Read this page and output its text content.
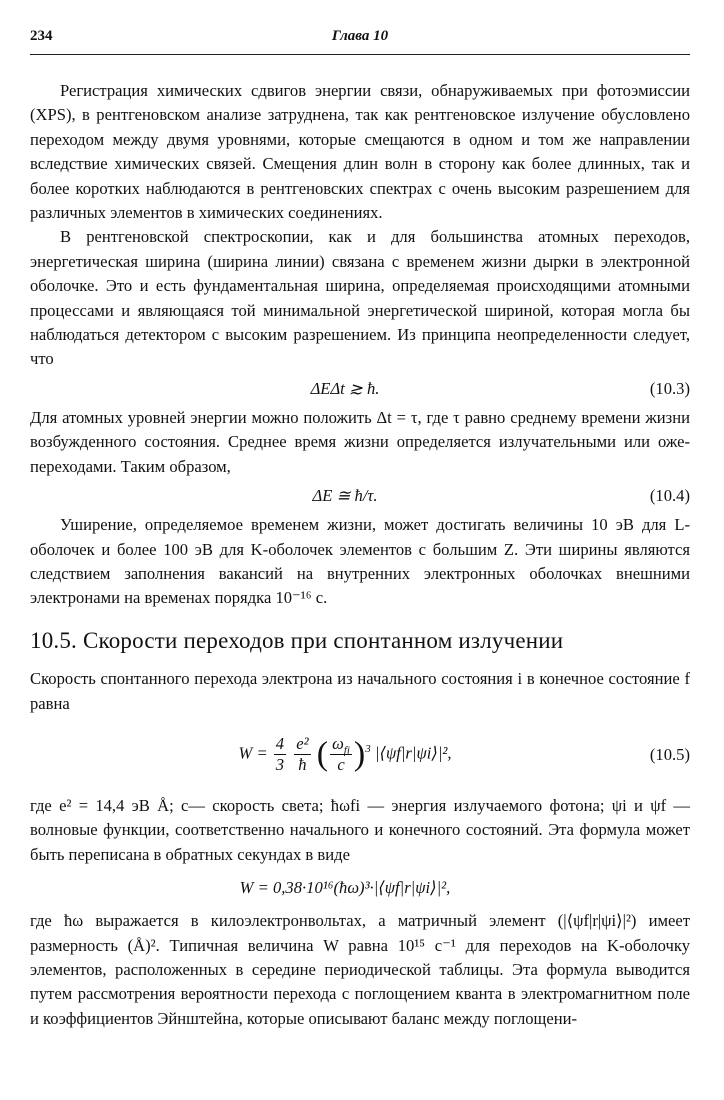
234	Глава 10

Регистрация химических сдвигов энергии связи, обнаруживаемых при фотоэмиссии (XPS), в рентгеновском анализе затруднена, так как рентгеновское излучение обусловлено переходом между двумя уровнями, которые смещаются в одном и том же направлении вследствие химических связей. Смещения длин волн в сторону как более длинных, так и более коротких наблюдаются в рентгеновских спектрах с очень высоким разрешением для различных элементов в химических соединениях.

В рентгеновской спектроскопии, как и для большинства атомных переходов, энергетическая ширина (ширина линии) связана с временем жизни дырки в электронной оболочке. Это и есть фундаментальная ширина, определяемая происходящими атомными процессами и являющаяся той минимальной энергетической шириной, которая могла бы наблюдаться детектором с высоким разрешением. Из принципа неопределенности следует, что

ΔEΔt ≳ ħ.	(10.3)

Для атомных уровней энергии можно положить Δt = τ, где τ равно среднему времени жизни возбужденного состояния. Среднее время жизни определяется излучательными или оже-переходами. Таким образом,

ΔE ≅ ħ/τ.	(10.4)

Уширение, определяемое временем жизни, может достигать величины 10 эВ для L-оболочек и более 100 эВ для K-оболочек элементов с большим Z. Эти ширины являются следствием заполнения вакансий на внутренних электронных оболочках внешними электронами на временах порядка 10⁻¹⁶ с.

10.5. Скорости переходов при спонтанном излучении

Скорость спонтанного перехода электрона из начального состояния i в конечное состояние f равна

$W = \frac{4}{3}$
$\frac{\text{e²}}{ħ}$ ( $\frac{\omega_{fi}}{c} )^3$ |⟨ψf|r|ψi⟩|²,	(10.5)

где e² = 14,4 эВ Å; c— скорость света; ħωfi — энергия излучаемого фотона; ψi и ψf — волновые функции, соответственно начального и конечного состояний. Эта формула может быть переписана в обратных секундах в виде

W = 0,38·10¹⁶(ħω)³·|⟨ψf|r|ψi⟩|²,

где ħω выражается в килоэлектронвольтах, а матричный элемент (|⟨ψf|r|ψi⟩|²) имеет размерность (Å)². Типичная величина W равна 10¹⁵ с⁻¹ для переходов на K-оболочку элементов, расположенных в середине периодической таблицы. Эта формула выводится путем рассмотрения вероятности перехода с поглощением кванта в электромагнитном поле и коэффициентов Эйнштейна, которые описывают баланс между поглощени-
